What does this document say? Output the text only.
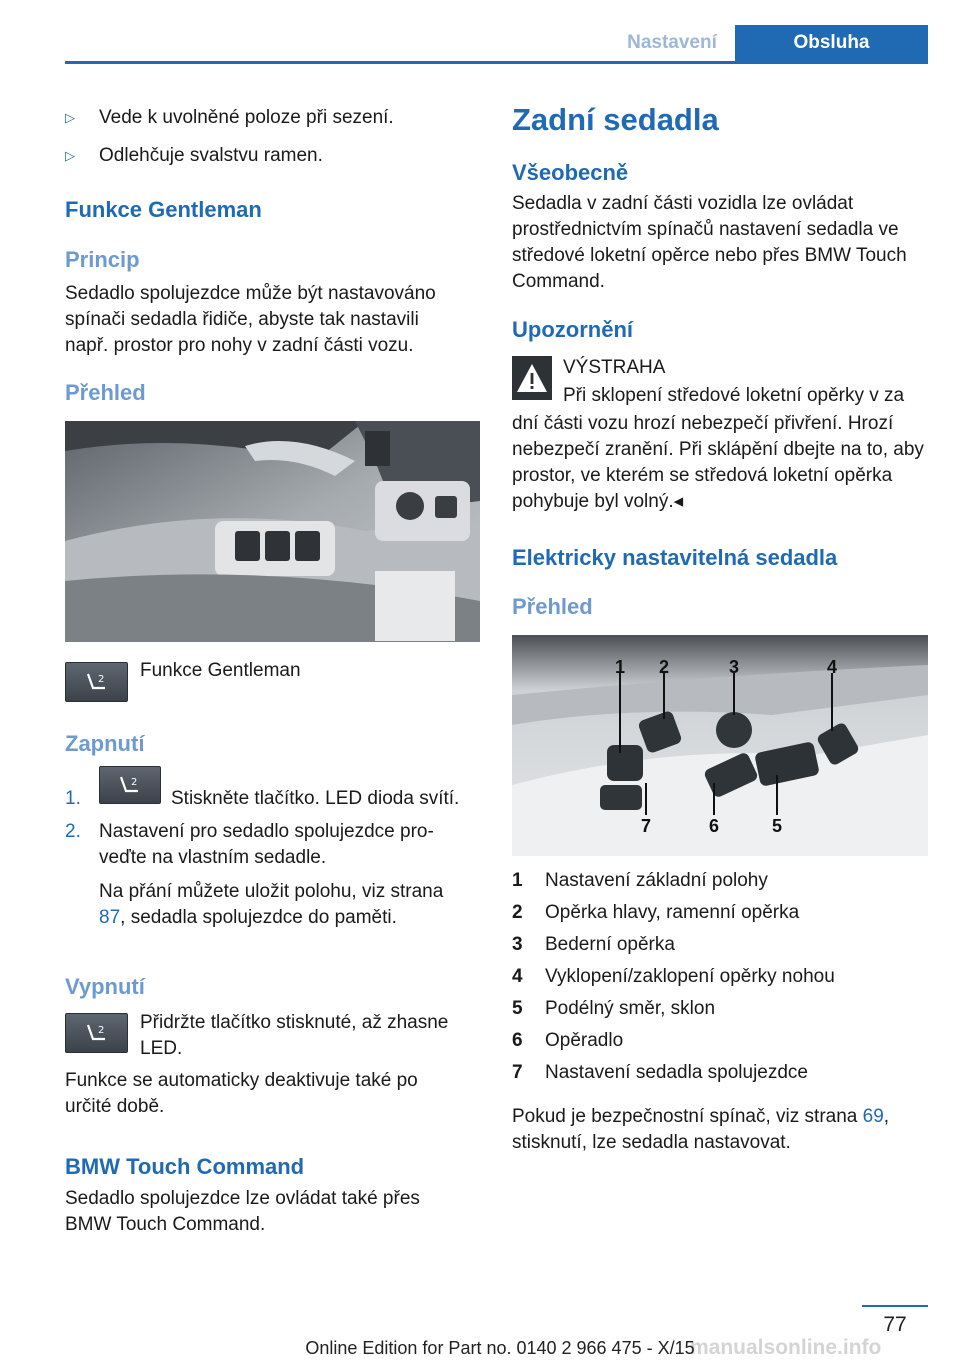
Nastavení	Obsluha
▷	Vede k uvolněné poloze při sezení.
▷	Odlehčuje svalstvu ramen.
Funkce Gentleman
Princip

Sedadlo spolujezdce může být nastavováno spínači sedadla řidiče, abyste tak nastavili např. prostor pro nohy v zadní části vozu.

Přehled
2 Funkce Gentleman

Zapnutí
1.
2
Stiskněte tlačítko. LED dioda svítí.
2. Nastavení pro sedadlo spolujezdce proveďte na vlastním sedadle.

Na přání můžete uložit polohu, viz strana 87, sedadla spolujezdce do paměti.

Vypnutí
2 Přidržte tlačítko stisknuté, až zhasne LED.

Funkce se automaticky deaktivuje také po určité době.

BMW Touch Command

Sedadlo spolujezdce lze ovládat také přes BMW Touch Command.

Zadní sedadla
Všeobecně

Sedadla v zadní části vozidla lze ovládat prostřednictvím spínačů nastavení sedadla ve středové loketní opěrce nebo přes BMW Touch Command.

Upozornění

VÝSTRAHA

Při sklopení středové loketní opěrky v za

dní části vozu hrozí nebezpečí přivření. Hrozí nebezpečí zranění. Při sklápění dbejte na to, aby prostor, ve kterém se středová loketní opěrka pohybuje byl volný.◂

Elektricky nastavitelná sedadla
Přehled
1 2	3	4
7	6	5
1	Nastavení základní polohy
2	Opěrka hlavy, ramenní opěrka
3	Bederní opěrka
4	Vyklopení/zaklopení opěrky nohou
5	Podélný směr, sklon
6	Opěradlo
7	Nastavení sedadla spolujezdce

Pokud je bezpečnostní spínač, viz strana 69, stisknutí, lze sedadla nastavovat.

77
manualsonline.info
Online Edition for Part no. 0140 2 966 475 - X/15
